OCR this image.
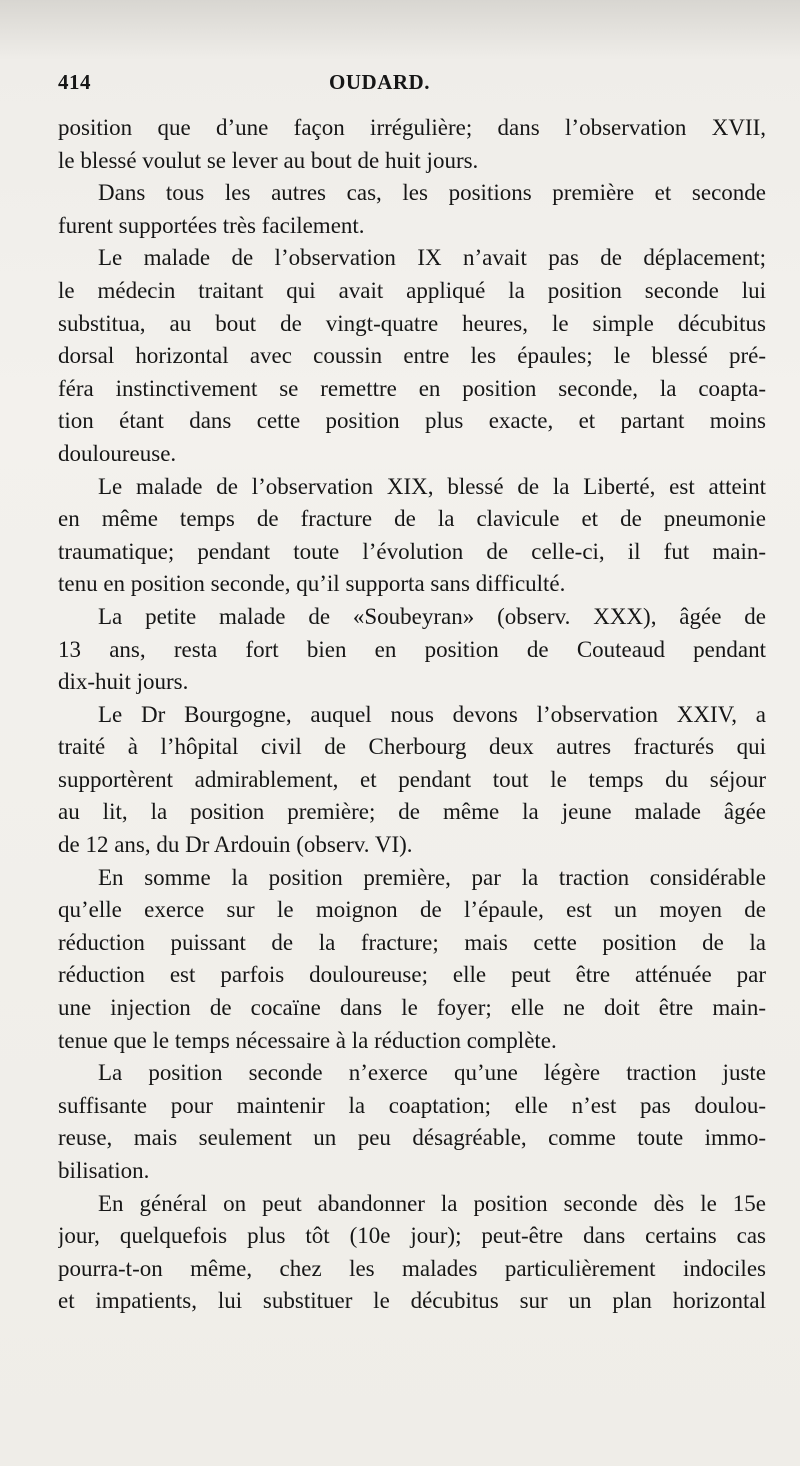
414	OUDARD.
position que d’une façon irrégulière; dans l’observation XVII,
le blessé voulut se lever au bout de huit jours.
Dans tous les autres cas, les positions première et seconde
furent supportées très facilement.
Le malade de l’observation IX n’avait pas de déplacement;
le médecin traitant qui avait appliqué la position seconde lui
substitua, au bout de vingt-quatre heures, le simple décubitus
dorsal horizontal avec coussin entre les épaules; le blessé pré-
féra instinctivement se remettre en position seconde, la coapta-
tion étant dans cette position plus exacte, et partant moins
douloureuse.
Le malade de l’observation XIX, blessé de la Liberté, est atteint
en même temps de fracture de la clavicule et de pneumonie
traumatique; pendant toute l’évolution de celle-ci, il fut main-
tenu en position seconde, qu’il supporta sans difficulté.
La petite malade de «Soubeyran» (observ. XXX), âgée de
13 ans, resta fort bien en position de Couteaud pendant
dix-huit jours.
Le Dr Bourgogne, auquel nous devons l’observation XXIV, a
traité à l’hôpital civil de Cherbourg deux autres fracturés qui
supportèrent admirablement, et pendant tout le temps du séjour
au lit, la position première; de même la jeune malade âgée
de 12 ans, du Dr Ardouin (observ. VI).
En somme la position première, par la traction considérable
qu’elle exerce sur le moignon de l’épaule, est un moyen de
réduction puissant de la fracture; mais cette position de la
réduction est parfois douloureuse; elle peut être atténuée par
une injection de cocaïne dans le foyer; elle ne doit être main-
tenue que le temps nécessaire à la réduction complète.
La position seconde n’exerce qu’une légère traction juste
suffisante pour maintenir la coaptation; elle n’est pas doulou-
reuse, mais seulement un peu désagréable, comme toute immo-
bilisation.
En général on peut abandonner la position seconde dès le 15e
jour, quelquefois plus tôt (10e jour); peut-être dans certains cas
pourra-t-on même, chez les malades particulièrement indociles
et impatients, lui substituer le décubitus sur un plan horizontal
